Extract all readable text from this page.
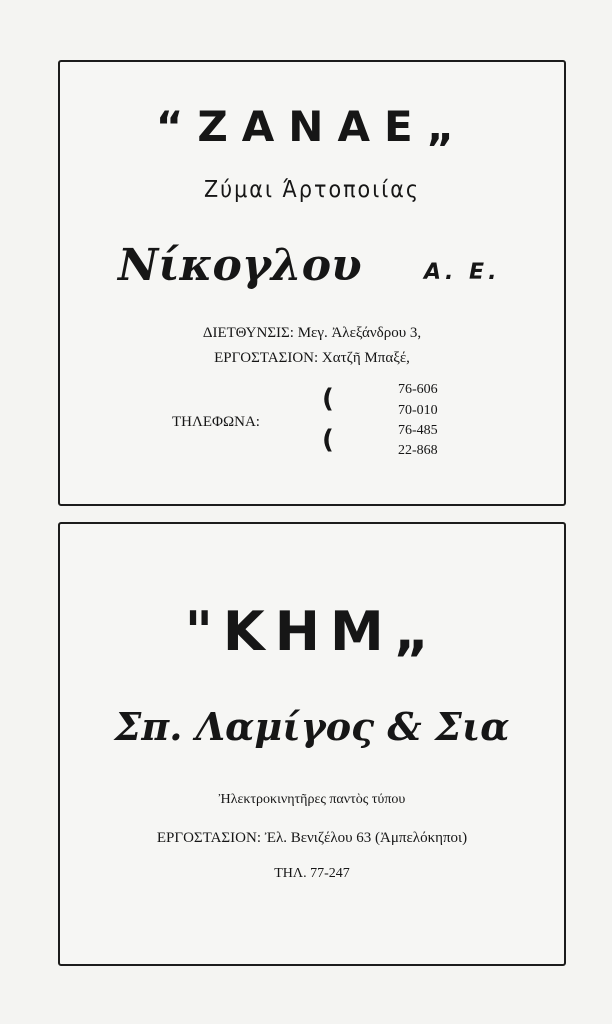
“ΖΑΝΑΕ„
Ζύμαι Άρτοποιίας
Νίκογλου	Α. Ε.
ΔΙΕΤΘΥΝΣΙΣ: Μεγ. Ἀλεξάνδρου 3,
ΕΡΓΟΣΤΑΣΙΟΝ: Χατζῆ Μπαξέ,
ΤΗΛΕΦΩΝΑ:
(
(
76-606
70-010
76-485
22-868
"ΚΗΜ„
Σπ. Λαμίγος & Σια
Ἠλεκτροκινητῆρες παντὸς τύπου
ΕΡΓΟΣΤΑΣΙΟΝ: Ἐλ. Βενιζέλου 63 (Ἀμπελόκηποι)
ΤΗΛ. 77-247
